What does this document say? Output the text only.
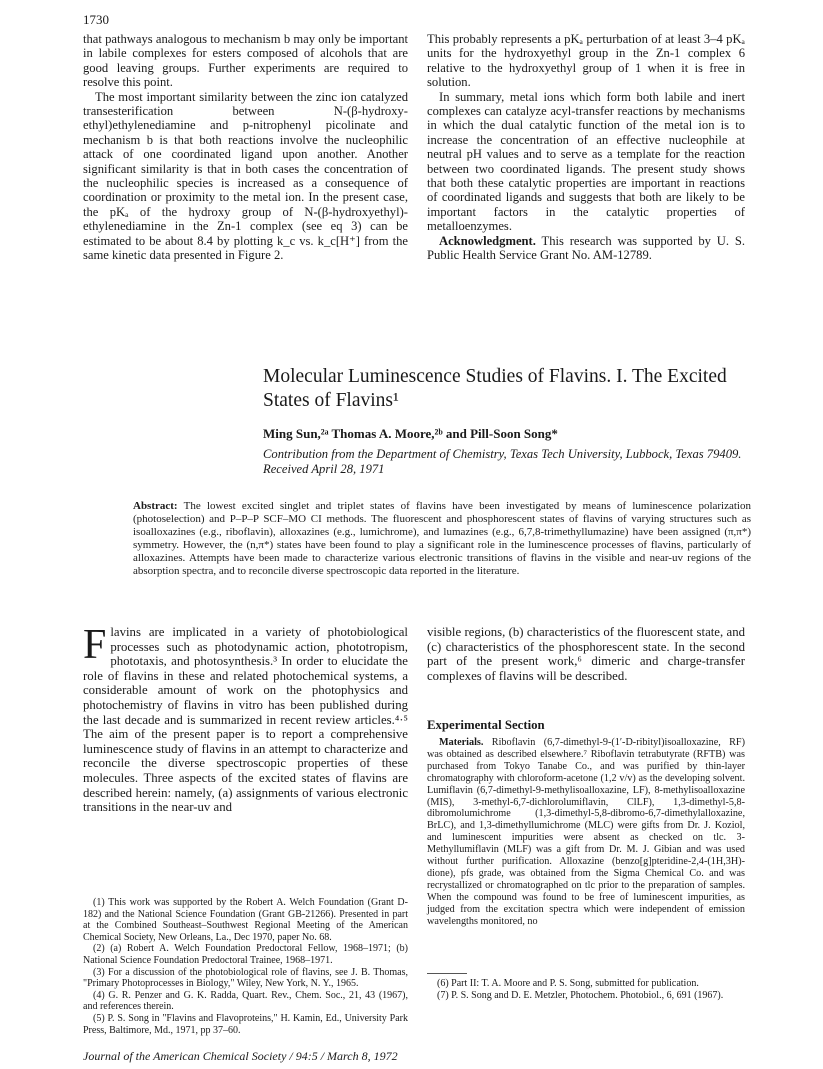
1730

that pathways analogous to mechanism b may only be important in labile complexes for esters composed of alcohols that are good leaving groups. Further experiments are required to resolve this point.

The most important similarity between the zinc ion catalyzed transesterification between N-(β-hydroxy-ethyl)ethylenediamine and p-nitrophenyl picolinate and mechanism b is that both reactions involve the nucleophilic attack of one coordinated ligand upon another. Another significant similarity is that in both cases the concentration of the nucleophilic species is increased as a consequence of coordination or proximity to the metal ion. In the present case, the pKₐ of the hydroxy group of N-(β-hydroxyethyl)-ethylenediamine in the Zn-1 complex (see eq 3) can be estimated to be about 8.4 by plotting k_c vs. k_c[H⁺] from the same kinetic data presented in Figure 2.

This probably represents a pKₐ perturbation of at least 3–4 pKₐ units for the hydroxyethyl group in the Zn-1 complex 6 relative to the hydroxyethyl group of 1 when it is free in solution.

In summary, metal ions which form both labile and inert complexes can catalyze acyl-transfer reactions by mechanisms in which the dual catalytic function of the metal ion is to increase the concentration of an effective nucleophile at neutral pH values and to serve as a template for the reaction between two coordinated ligands. The present study shows that both these catalytic properties are important in reactions of coordinated ligands and suggests that both are likely to be important factors in the catalytic properties of metalloenzymes.

Acknowledgment. This research was supported by U. S. Public Health Service Grant No. AM-12789.

Molecular Luminescence Studies of Flavins. I. The Excited States of Flavins¹
Ming Sun,²ᵃ Thomas A. Moore,²ᵇ and Pill-Soon Song*
Contribution from the Department of Chemistry, Texas Tech University, Lubbock, Texas 79409. Received April 28, 1971
Abstract: The lowest excited singlet and triplet states of flavins have been investigated by means of luminescence polarization (photoselection) and P–P–P SCF–MO CI methods. The fluorescent and phosphorescent states of flavins of varying structures such as isoalloxazines (e.g., riboflavin), alloxazines (e.g., lumichrome), and lumazines (e.g., 6,7,8-trimethyllumazine) have been assigned (π,π*) symmetry. However, the (n,π*) states have been found to play a significant role in the luminescence processes of flavins, particularly of alloxazines. Attempts have been made to characterize various electronic transitions of flavins in the visible and near-uv regions of the absorption spectra, and to reconcile diverse spectroscopic data reported in the literature.
Flavins are implicated in a variety of photobiological processes such as photodynamic action, phototropism, phototaxis, and photosynthesis.³ In order to elucidate the role of flavins in these and related photochemical systems, a considerable amount of work on the photophysics and photochemistry of flavins in vitro has been published during the last decade and is summarized in recent review articles.⁴·⁵ The aim of the present paper is to report a comprehensive luminescence study of flavins in an attempt to characterize and reconcile the diverse spectroscopic properties of these molecules. Three aspects of the excited states of flavins are described herein: namely, (a) assignments of various electronic transitions in the near-uv and

(1) This work was supported by the Robert A. Welch Foundation (Grant D-182) and the National Science Foundation (Grant GB-21266). Presented in part at the Combined Southeast–Southwest Regional Meeting of the American Chemical Society, New Orleans, La., Dec 1970, paper No. 68.

(2) (a) Robert A. Welch Foundation Predoctoral Fellow, 1968–1971; (b) National Science Foundation Predoctoral Trainee, 1968–1971.

(3) For a discussion of the photobiological role of flavins, see J. B. Thomas, "Primary Photoprocesses in Biology," Wiley, New York, N. Y., 1965.

(4) G. R. Penzer and G. K. Radda, Quart. Rev., Chem. Soc., 21, 43 (1967), and references therein.

(5) P. S. Song in "Flavins and Flavoproteins," H. Kamin, Ed., University Park Press, Baltimore, Md., 1971, pp 37–60.

visible regions, (b) characteristics of the fluorescent state, and (c) characteristics of the phosphorescent state. In the second part of the present work,⁶ dimeric and charge-transfer complexes of flavins will be described.
Experimental Section

Materials. Riboflavin (6,7-dimethyl-9-(1′-D-ribityl)isoalloxazine, RF) was obtained as described elsewhere.⁷ Riboflavin tetrabutyrate (RFTB) was purchased from Tokyo Tanabe Co., and was purified by thin-layer chromatography with chloroform-acetone (1,2 v/v) as the developing solvent. Lumiflavin (6,7-dimethyl-9-methylisoalloxazine, LF), 8-methylisoalloxazine (MIS), 3-methyl-6,7-dichlorolumiflavin, ClLF), 1,3-dimethyl-5,8-dibromolumichrome (1,3-dimethyl-5,8-dibromo-6,7-dimethylalloxazine, BrLC), and 1,3-dimethyllumichrome (MLC) were gifts from Dr. J. Koziol, and luminescent impurities were absent as checked on tlc. 3-Methyllumiflavin (MLF) was a gift from Dr. M. J. Gibian and was used without further purification. Alloxazine (benzo[g]pteridine-2,4-(1H,3H)-dione), pfs grade, was obtained from the Sigma Chemical Co. and was recrystallized or chromatographed on tlc prior to the preparation of samples. When the compound was found to be free of luminescent impurities, as judged from the excitation spectra which were independent of emission wavelengths monitored, no

(6) Part II: T. A. Moore and P. S. Song, submitted for publication.

(7) P. S. Song and D. E. Metzler, Photochem. Photobiol., 6, 691 (1967).

Journal of the American Chemical Society / 94:5 / March 8, 1972
